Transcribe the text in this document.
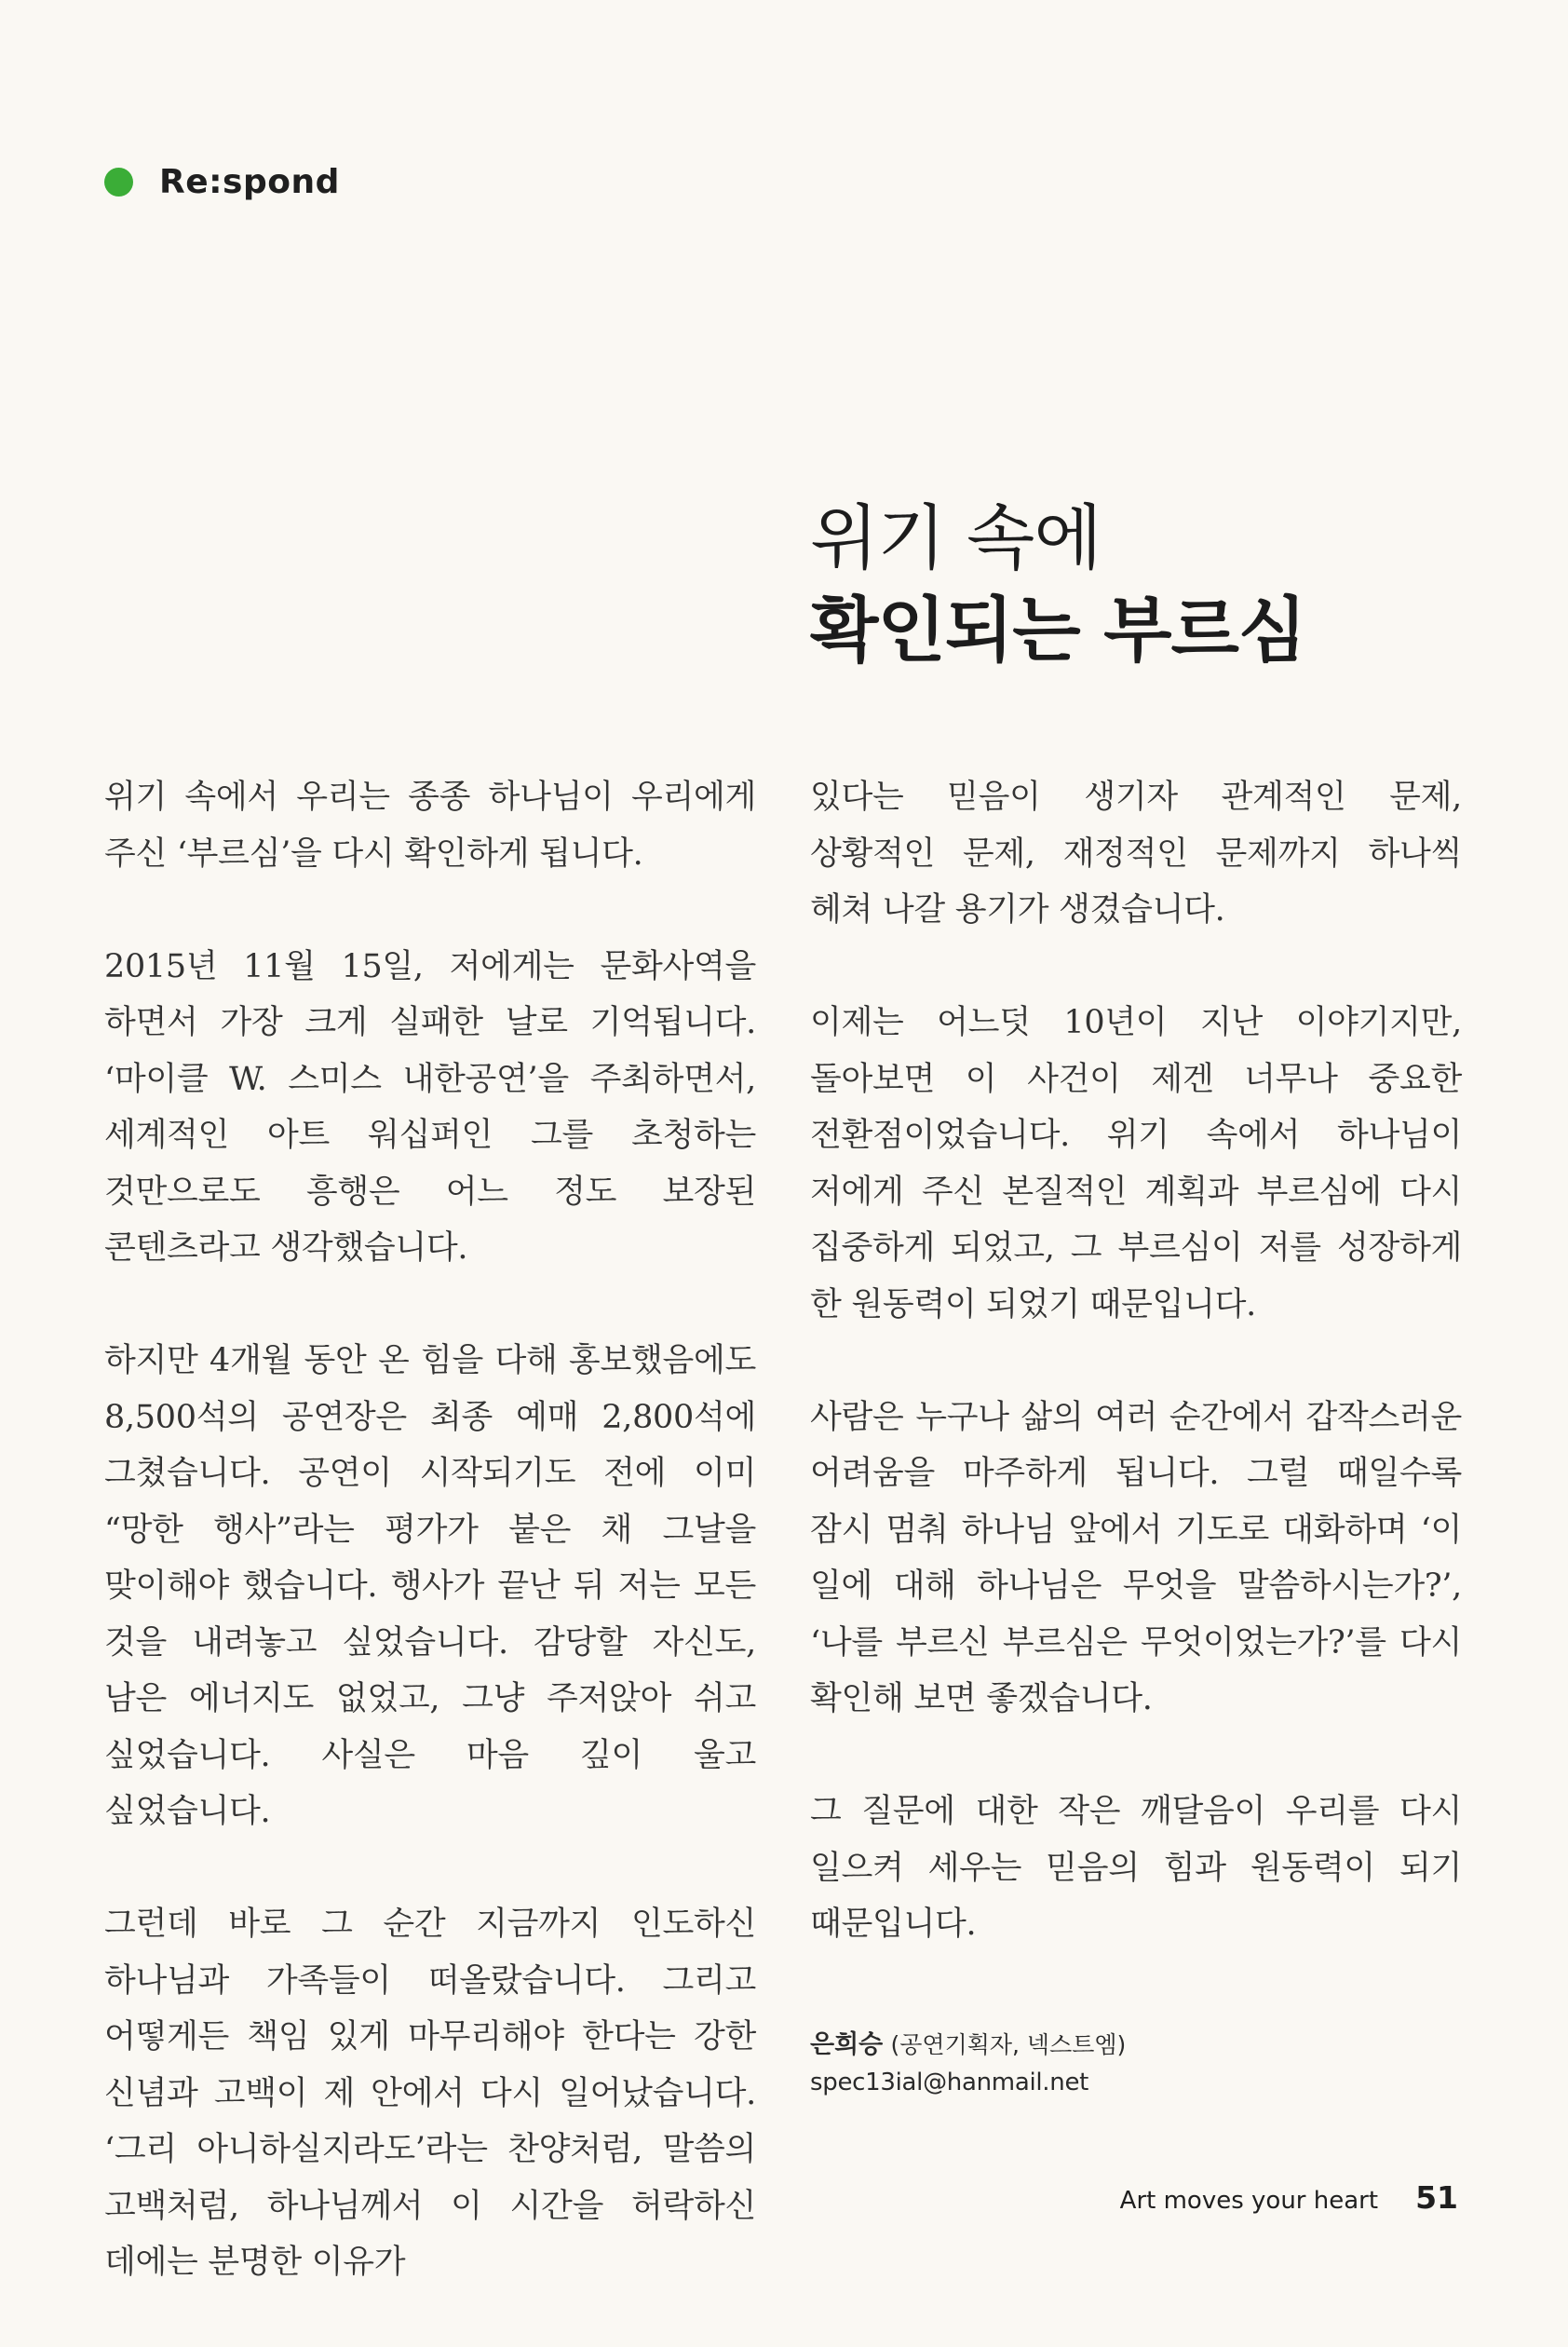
Re:spond
위기 속에
확인되는 부르심

위기 속에서 우리는 종종 하나님이 우리에게 주신 ‘부르심’을 다시 확인하게 됩니다.

2015년 11월 15일, 저에게는 문화사역을 하면서 가장 크게 실패한 날로 기억됩니다. ‘마이클 W. 스미스 내한공연’을 주최하면서, 세계적인 아트 워십퍼인 그를 초청하는 것만으로도 흥행은 어느 정도 보장된 콘텐츠라고 생각했습니다.

하지만 4개월 동안 온 힘을 다해 홍보했음에도 8,500석의 공연장은 최종 예매 2,800석에 그쳤습니다. 공연이 시작되기도 전에 이미 “망한 행사”라는 평가가 붙은 채 그날을 맞이해야 했습니다. 행사가 끝난 뒤 저는 모든 것을 내려놓고 싶었습니다. 감당할 자신도, 남은 에너지도 없었고, 그냥 주저앉아 쉬고 싶었습니다. 사실은 마음 깊이 울고 싶었습니다.

그런데 바로 그 순간 지금까지 인도하신 하나님과 가족들이 떠올랐습니다. 그리고 어떻게든 책임 있게 마무리해야 한다는 강한 신념과 고백이 제 안에서 다시 일어났습니다. ‘그리 아니하실지라도’라는 찬양처럼, 말씀의 고백처럼, 하나님께서 이 시간을 허락하신 데에는 분명한 이유가

있다는 믿음이 생기자 관계적인 문제, 상황적인 문제, 재정적인 문제까지 하나씩 헤쳐 나갈 용기가 생겼습니다.

이제는 어느덧 10년이 지난 이야기지만, 돌아보면 이 사건이 제겐 너무나 중요한 전환점이었습니다. 위기 속에서 하나님이 저에게 주신 본질적인 계획과 부르심에 다시 집중하게 되었고, 그 부르심이 저를 성장하게 한 원동력이 되었기 때문입니다.

사람은 누구나 삶의 여러 순간에서 갑작스러운 어려움을 마주하게 됩니다. 그럴 때일수록 잠시 멈춰 하나님 앞에서 기도로 대화하며 ‘이 일에 대해 하나님은 무엇을 말씀하시는가?’, ‘나를 부르신 부르심은 무엇이었는가?’를 다시 확인해 보면 좋겠습니다.

그 질문에 대한 작은 깨달음이 우리를 다시 일으켜 세우는 믿음의 힘과 원동력이 되기 때문입니다.

은희승 (공연기획자, 넥스트엠)
spec13ial@hanmail.net
Art moves your heart 51
